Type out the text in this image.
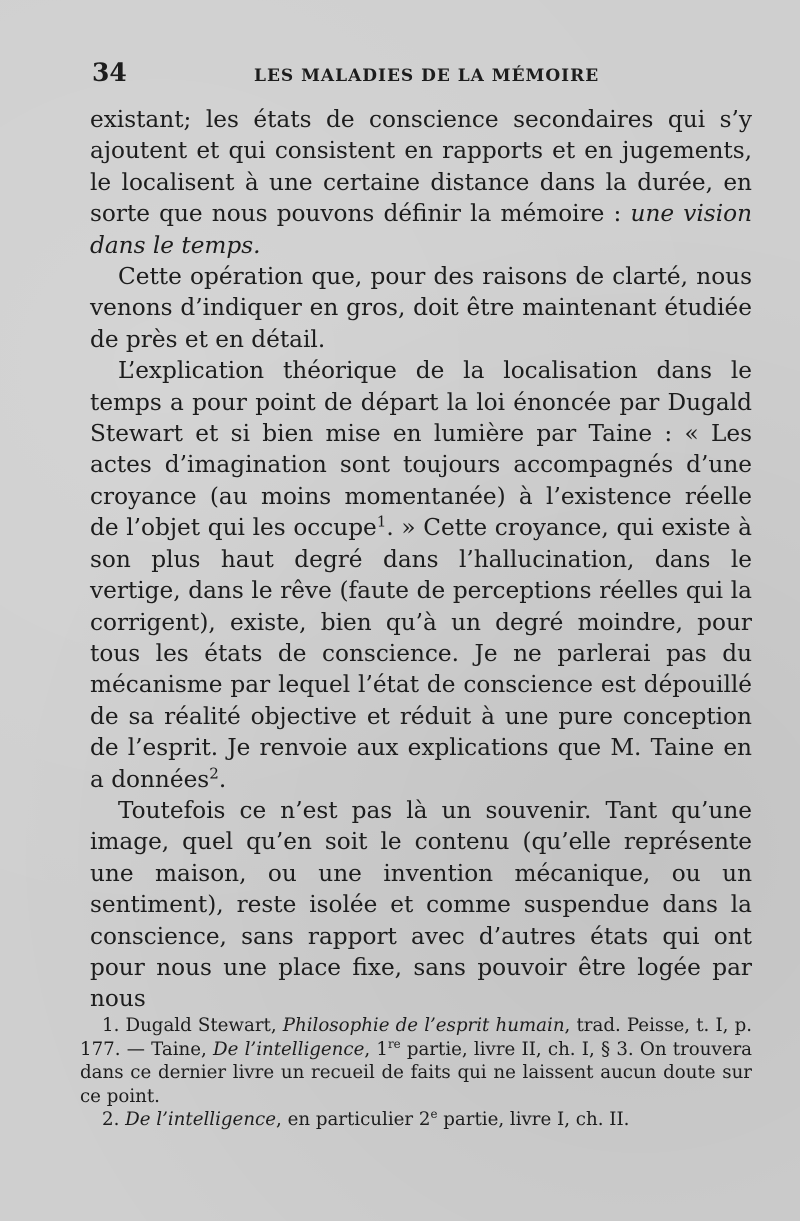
34	LES MALADIES DE LA MÉMOIRE

existant; les états de conscience secondaires qui s’y ajoutent et qui consistent en rapports et en jugements, le localisent à une certaine distance dans la durée, en sorte que nous pouvons définir la mémoire : une vision dans le temps.

Cette opération que, pour des raisons de clarté, nous venons d’indiquer en gros, doit être maintenant étudiée de près et en détail.

L’explication théorique de la localisation dans le temps a pour point de départ la loi énoncée par Dugald Stewart et si bien mise en lumière par Taine : « Les actes d’imagination sont toujours accompagnés d’une croyance (au moins momentanée) à l’existence réelle de l’objet qui les occupe$^1$. » Cette croyance, qui existe à son plus haut degré dans l’hallucination, dans le vertige, dans le rêve (faute de perceptions réelles qui la corrigent), existe, bien qu’à un degré moindre, pour tous les états de conscience. Je ne parlerai pas du mécanisme par lequel l’état de conscience est dépouillé de sa réalité objective et réduit à une pure conception de l’esprit. Je renvoie aux explications que M. Taine en a données$^2$.

Toutefois ce n’est pas là un souvenir. Tant qu’une image, quel qu’en soit le contenu (qu’elle représente une maison, ou une invention mécanique, ou un sentiment), reste isolée et comme suspendue dans la conscience, sans rapport avec d’autres états qui ont pour nous une place fixe, sans pouvoir être logée par nous

1. Dugald Stewart, Philosophie de l’esprit humain, trad. Peisse, t. I, p. 177. — Taine, De l’intelligence, 1re partie, livre II, ch. I, § 3. On trouvera dans ce dernier livre un recueil de faits qui ne laissent aucun doute sur ce point.

2. De l’intelligence, en particulier 2e partie, livre I, ch. II.
